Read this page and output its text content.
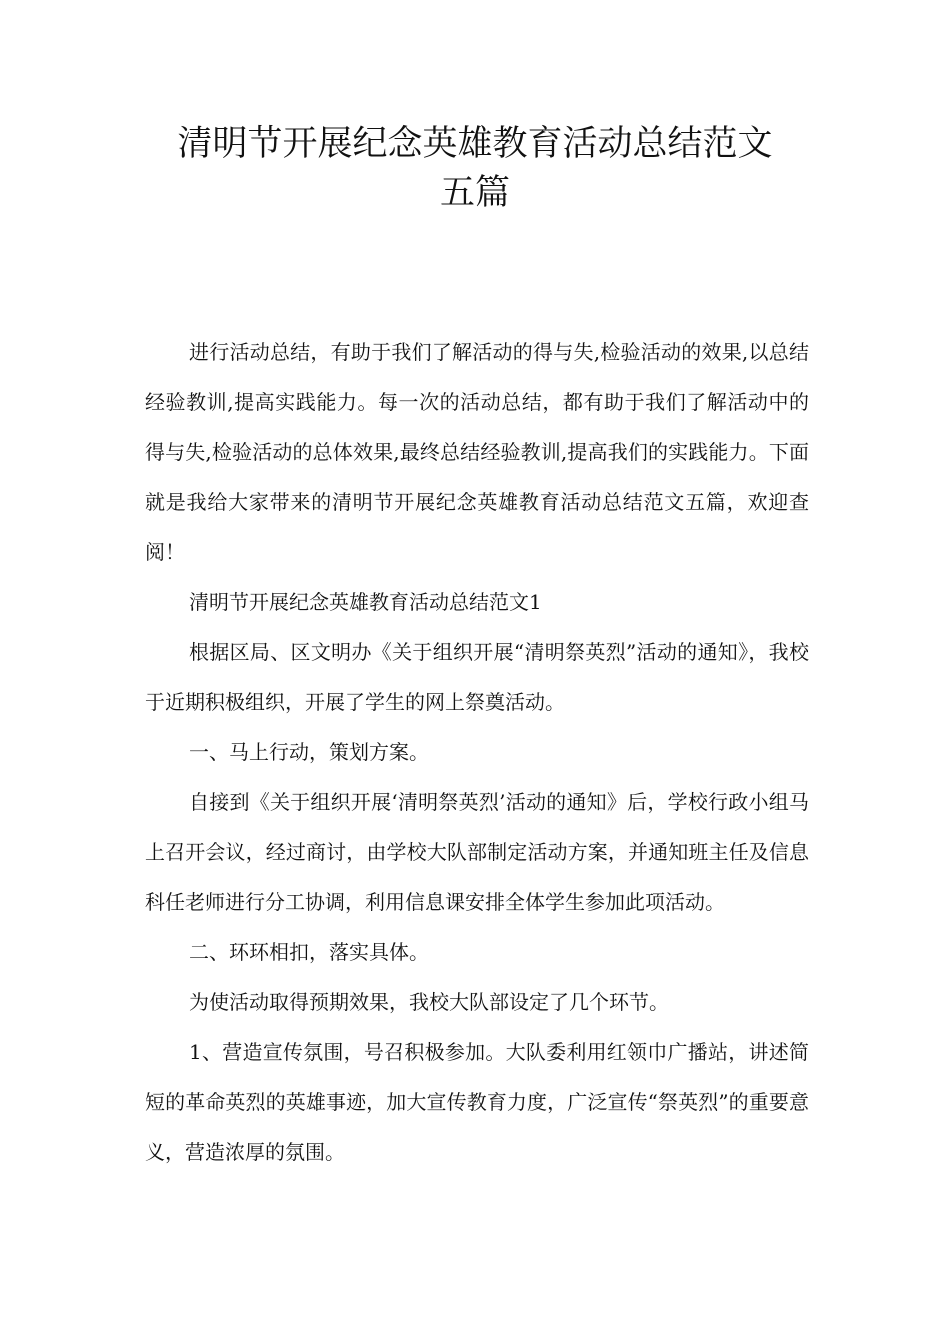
清明节开展纪念英雄教育活动总结范文
五篇

进行活动总结，有助于我们了解活动的得与失,检验活动的效果,以总结经验教训,提高实践能力。每一次的活动总结，都有助于我们了解活动中的得与失,检验活动的总体效果,最终总结经验教训,提高我们的实践能力。下面就是我给大家带来的清明节开展纪念英雄教育活动总结范文五篇，欢迎查阅！

清明节开展纪念英雄教育活动总结范文1

根据区局、区文明办《关于组织开展“清明祭英烈”活动的通知》，我校于近期积极组织，开展了学生的网上祭奠活动。

一、马上行动，策划方案。

自接到《关于组织开展‘清明祭英烈’活动的通知》后，学校行政小组马上召开会议，经过商讨，由学校大队部制定活动方案，并通知班主任及信息科任老师进行分工协调，利用信息课安排全体学生参加此项活动。

二、环环相扣，落实具体。

为使活动取得预期效果，我校大队部设定了几个环节。

1、营造宣传氛围，号召积极参加。大队委利用红领巾广播站，讲述简短的革命英烈的英雄事迹，加大宣传教育力度，广泛宣传“祭英烈”的重要意义，营造浓厚的氛围。
